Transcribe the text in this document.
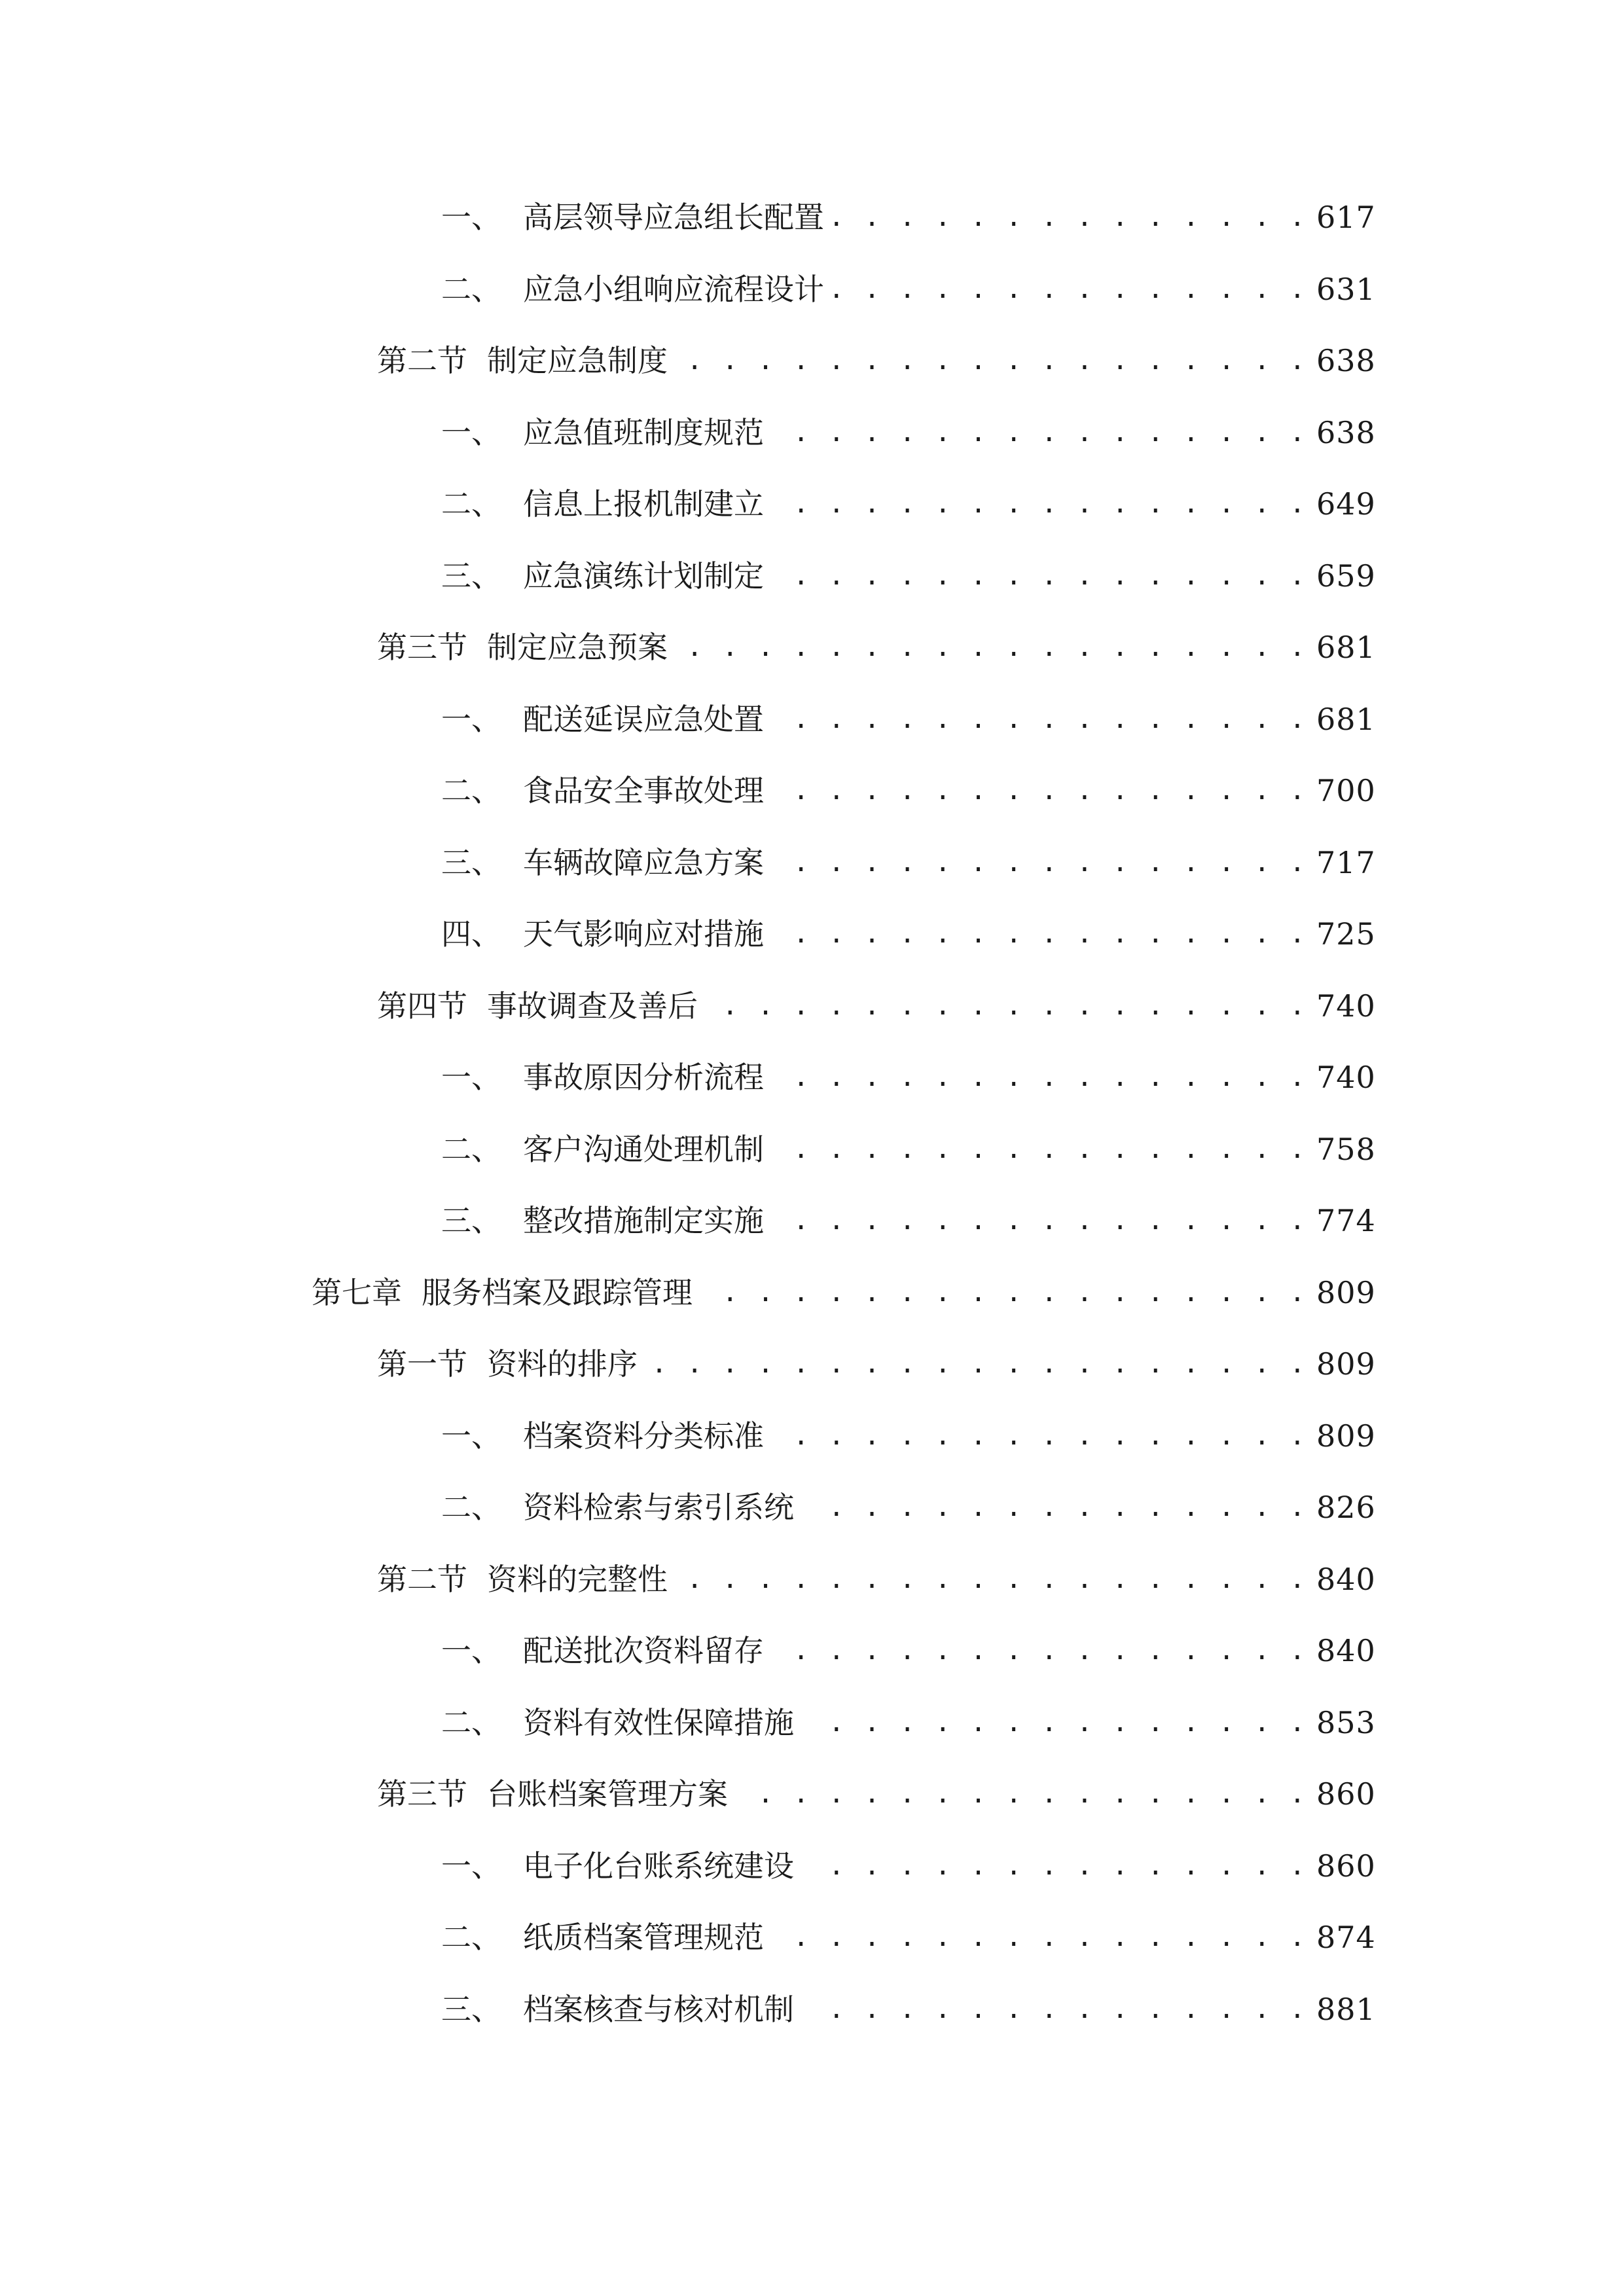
一、 高层领导应急组长配置 . . .	617
二、 应急小组响应流程设计 . . .	631
第二节 制定应急制度 . . .	638
一、 应急值班制度规范 . . .	638
二、 信息上报机制建立 . . .	649
三、 应急演练计划制定 . . .	659
第三节 制定应急预案 . . .	681
一、 配送延误应急处置 . . .	681
二、 食品安全事故处理 . . .	700
三、 车辆故障应急方案 . . .	717
四、 天气影响应对措施 . . .	725
第四节 事故调查及善后 . . .	740
一、 事故原因分析流程 . . .	740
二、 客户沟通处理机制 . . .	758
三、 整改措施制定实施 . . .	774
第七章 服务档案及跟踪管理 . . .	809
第一节 资料的排序 . . .	809
一、 档案资料分类标准 . . .	809
二、 资料检索与索引系统 . . .	826
第二节 资料的完整性 . . .	840
一、 配送批次资料留存 . . .	840
二、 资料有效性保障措施 . . .	853
第三节 台账档案管理方案 . . .	860
一、 电子化台账系统建设 . . .	860
二、 纸质档案管理规范 . . .	874
三、 档案核查与核对机制 . . .	881
